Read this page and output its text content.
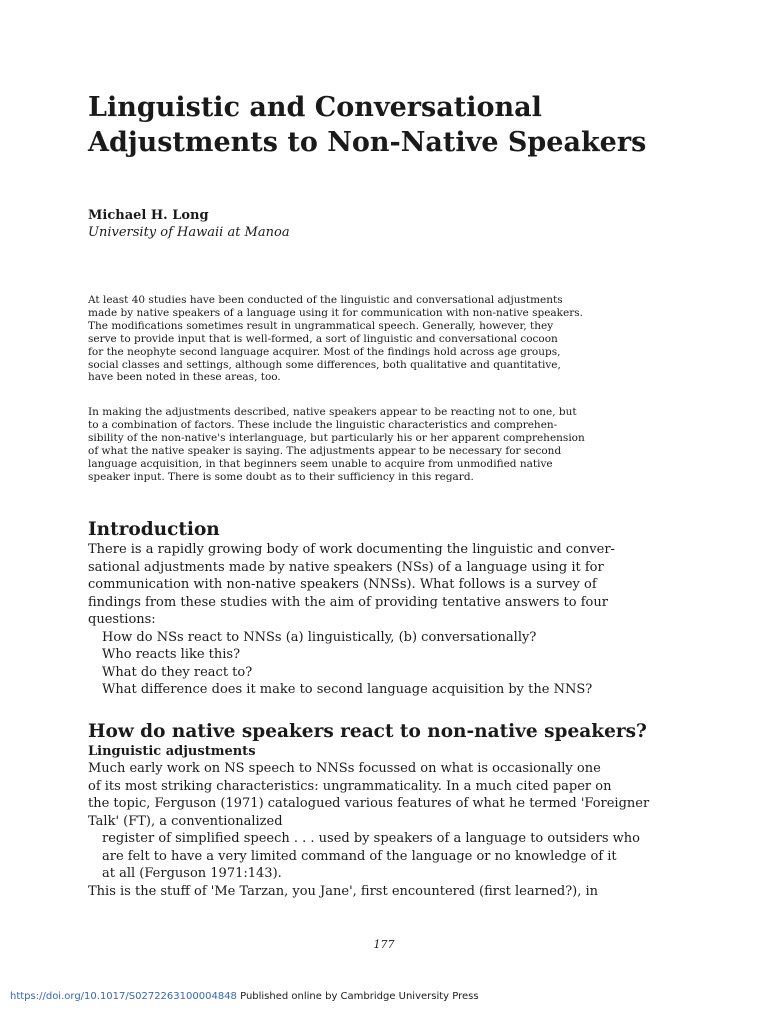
Linguistic and Conversational
Adjustments to Non-Native Speakers
Michael H. Long
University of Hawaii at Manoa

At least 40 studies have been conducted of the linguistic and conversational adjustments
made by native speakers of a language using it for communication with non-native speakers.
The modifications sometimes result in ungrammatical speech. Generally, however, they
serve to provide input that is well-formed, a sort of linguistic and conversational cocoon
for the neophyte second language acquirer. Most of the findings hold across age groups,
social classes and settings, although some differences, both qualitative and quantitative,
have been noted in these areas, too.

In making the adjustments described, native speakers appear to be reacting not to one, but
to a combination of factors. These include the linguistic characteristics and comprehen-
sibility of the non-native's interlanguage, but particularly his or her apparent comprehension
of what the native speaker is saying. The adjustments appear to be necessary for second
language acquisition, in that beginners seem unable to acquire from unmodified native
speaker input. There is some doubt as to their sufficiency in this regard.

Introduction
There is a rapidly growing body of work documenting the linguistic and conver-
sational adjustments made by native speakers (NSs) of a language using it for
communication with non-native speakers (NNSs). What follows is a survey of
findings from these studies with the aim of providing tentative answers to four
questions:
How do NSs react to NNSs (a) linguistically, (b) conversationally?
Who reacts like this?
What do they react to?
What difference does it make to second language acquisition by the NNS?
How do native speakers react to non-native speakers?
Linguistic adjustments
Much early work on NS speech to NNSs focussed on what is occasionally one
of its most striking characteristics: ungrammaticality. In a much cited paper on
the topic, Ferguson (1971) catalogued various features of what he termed 'Foreigner
Talk' (FT), a conventionalized
register of simplified speech . . . used by speakers of a language to outsiders who
are felt to have a very limited command of the language or no knowledge of it
at all (Ferguson 1971:143).
This is the stuff of 'Me Tarzan, you Jane', first encountered (first learned?), in
177
https://doi.org/10.1017/S0272263100004848 Published online by Cambridge University Press
